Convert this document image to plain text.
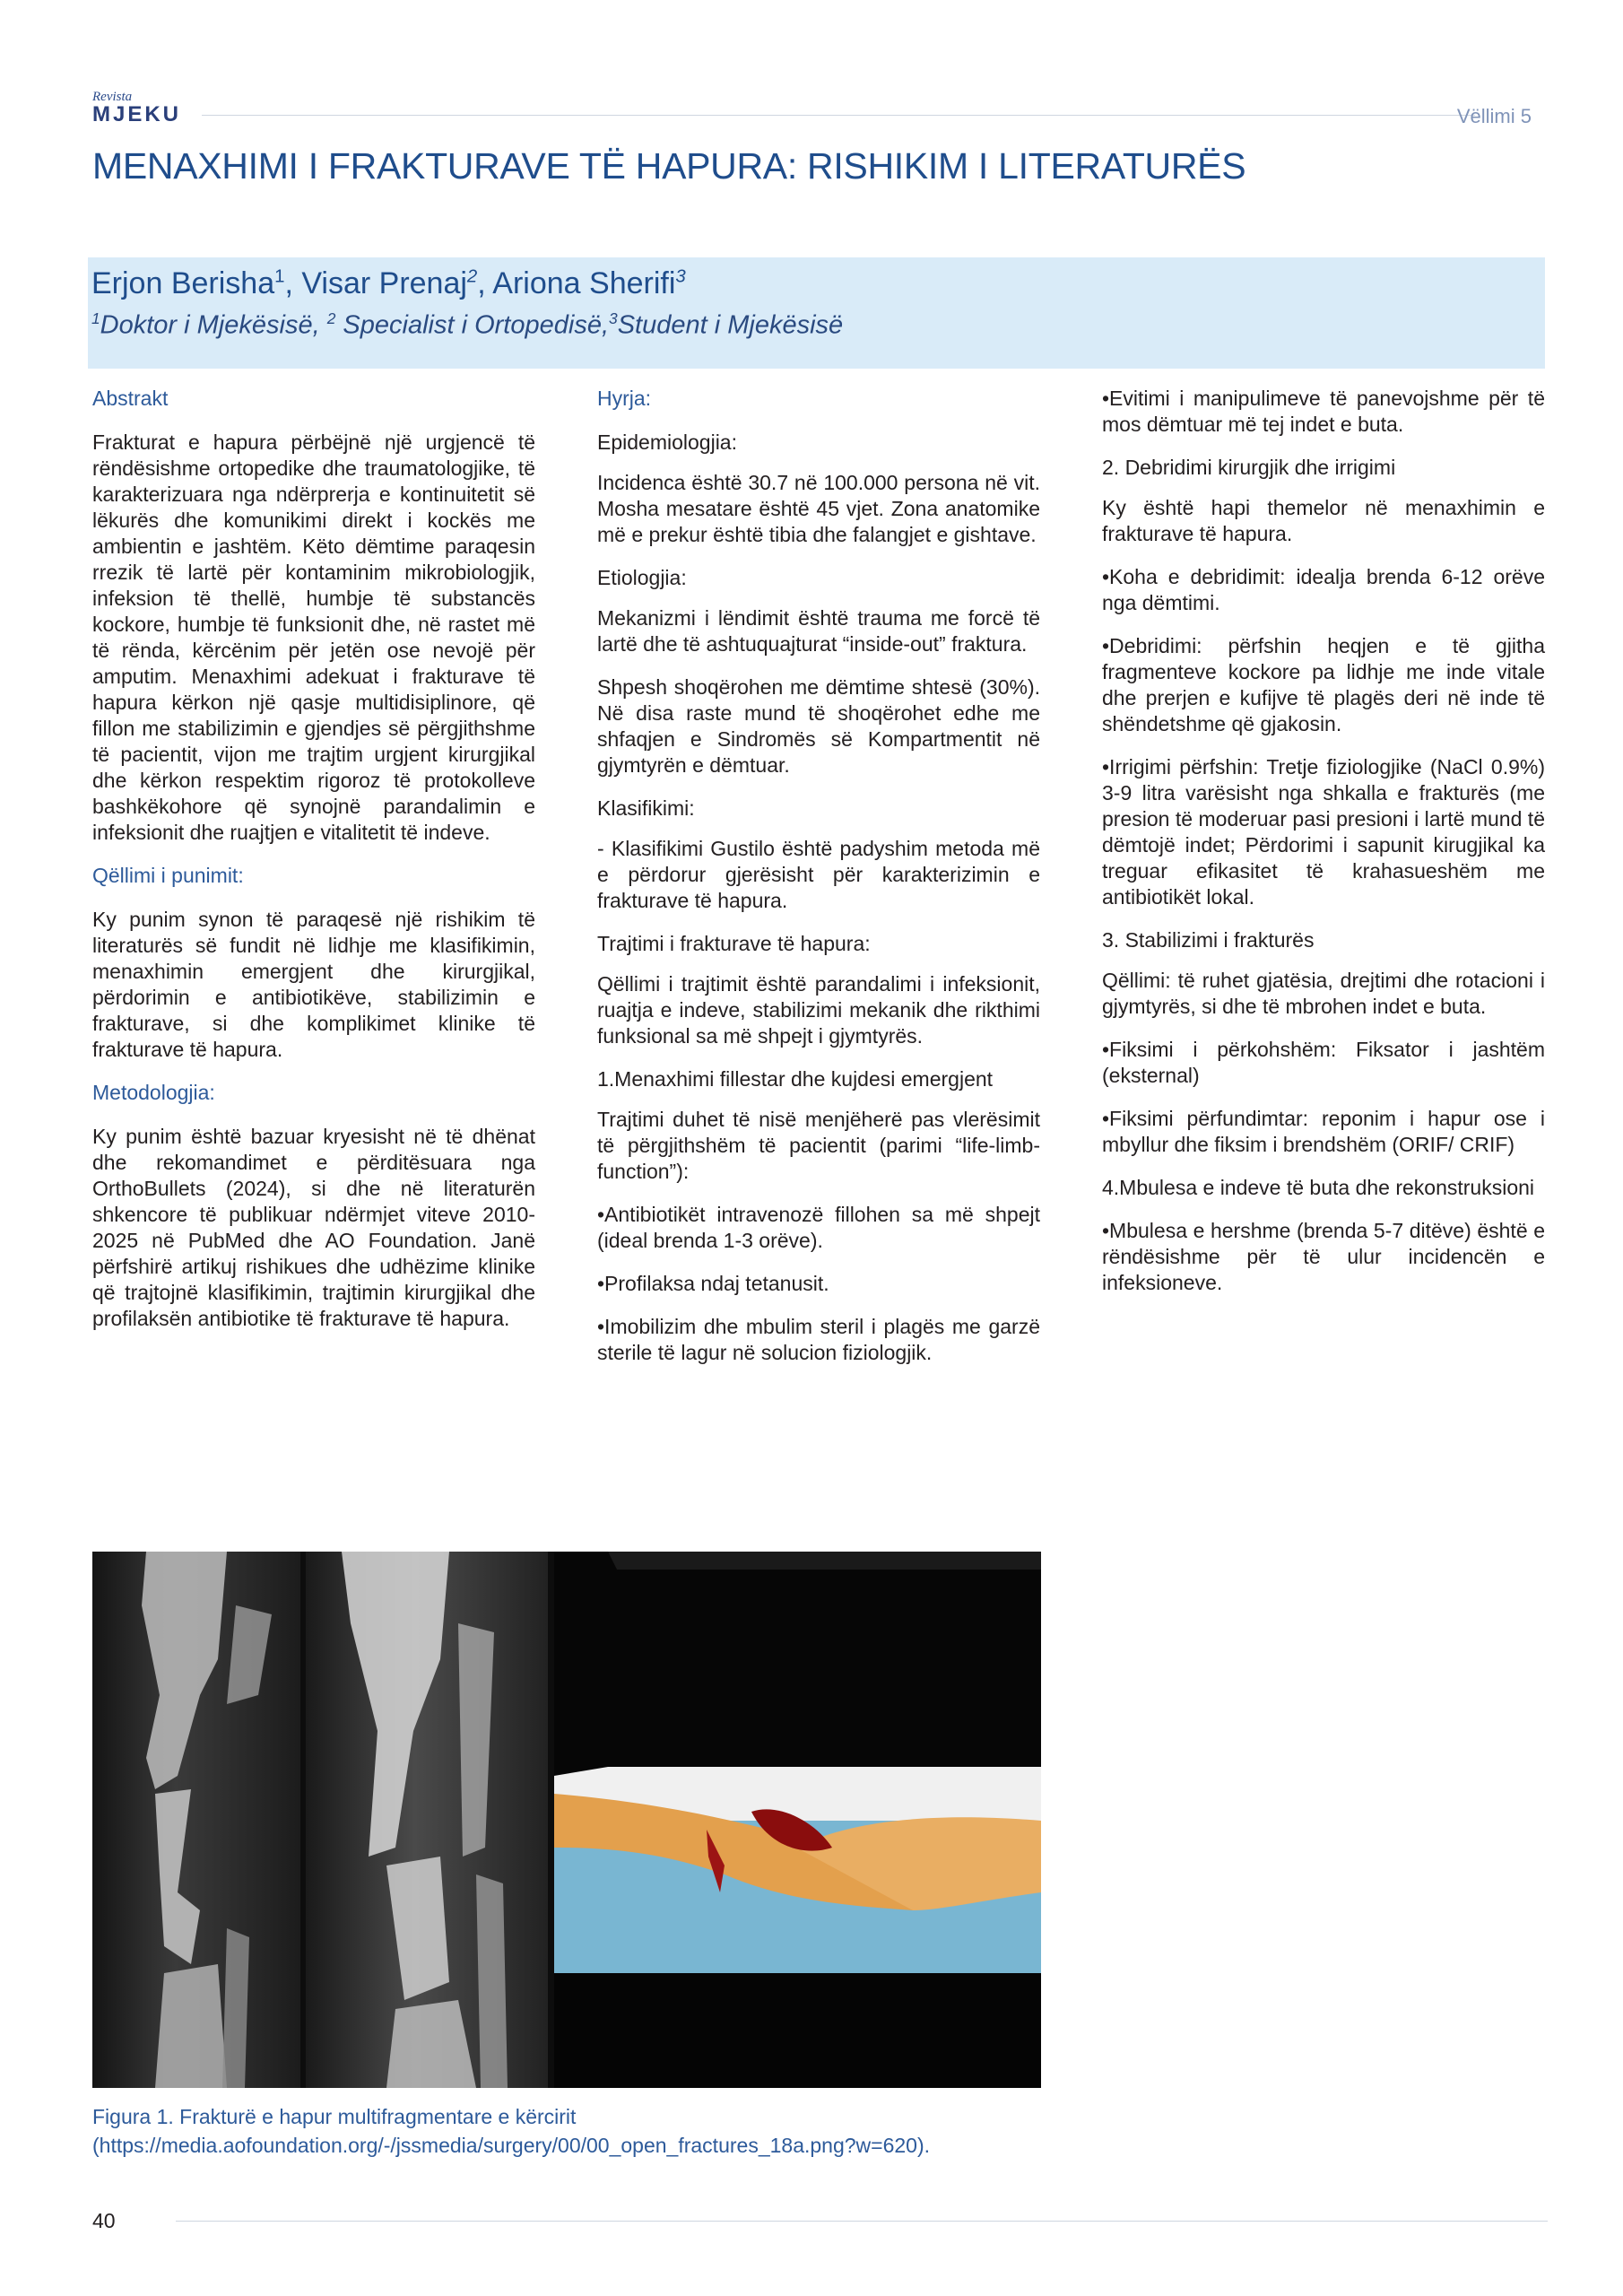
Revista
MJEKU	Vëllimi 5
MENAXHIMI I FRAKTURAVE TË HAPURA: RISHIKIM I LITERATURËS
Erjon Berisha$^1$, Visar Prenaj$^2$, Ariona Sherifi$^3$
$^1$Doktor i Mjekësisë, $^2$ Specialist i Ortopedisë,$^3$Student i Mjekësisë

Abstrakt

Frakturat e hapura përbëjnë një urgjencë të rëndësishme ortopedike dhe traumatologjike, të karakterizuara nga ndërprerja e kontinuitetit së lëkurës dhe komunikimi direkt i kockës me ambientin e jashtëm. Këto dëmtime paraqesin rrezik të lartë për kontaminim mikrobiologjik, infeksion të thellë, humbje të substancës kockore, humbje të funksionit dhe, në rastet më të rënda, kërcënim për jetën ose nevojë për amputim. Menaxhimi adekuat i frakturave të hapura kërkon një qasje multidisiplinore, që fillon me stabilizimin e gjendjes së përgjithshme të pacientit, vijon me trajtim urgjent kirurgjikal dhe kërkon respektim rigoroz të protokolleve bashkëkohore që synojnë parandalimin e infeksionit dhe ruajtjen e vitalitetit të indeve.

Qëllimi i punimit:

Ky punim synon të paraqesë një rishikim të literaturës së fundit në lidhje me klasifikimin, menaxhimin emergjent dhe kirurgjikal, përdorimin e antibiotikëve, stabilizimin e frakturave, si dhe komplikimet klinike të frakturave të hapura.

Metodologjia:

Ky punim është bazuar kryesisht në të dhënat dhe rekomandimet e përditësuara nga OrthoBullets (2024), si dhe në literaturën shkencore të publikuar ndërmjet viteve 2010-2025 në PubMed dhe AO Foundation. Janë përfshirë artikuj rishikues dhe udhëzime klinike që trajtojnë klasifikimin, trajtimin kirurgjikal dhe profilaksën antibiotike të frakturave të hapura.

Hyrja:

Epidemiologjia:

Incidenca është 30.7 në 100.000 persona në vit. Mosha mesatare është 45 vjet. Zona anatomike më e prekur është tibia dhe falangjet e gishtave.

Etiologjia:

Mekanizmi i lëndimit është trauma me forcë të lartë dhe të ashtuquajturat “inside-out” fraktura.

Shpesh shoqërohen me dëmtime shtesë (30%). Në disa raste mund të shoqërohet edhe me shfaqjen e Sindromës së Kompartmentit në gjymtyrën e dëmtuar.

Klasifikimi:

- Klasifikimi Gustilo është padyshim metoda më e përdorur gjerësisht për karakterizimin e frakturave të hapura.

Trajtimi i frakturave të hapura:

Qëllimi i trajtimit është parandalimi i infeksionit, ruajtja e indeve, stabilizimi mekanik dhe rikthimi funksional sa më shpejt i gjymtyrës.

1.Menaxhimi fillestar dhe kujdesi emergjent

Trajtimi duhet të nisë menjëherë pas vlerësimit të përgjithshëm të pacientit (parimi “life-limb-function”):

•Antibiotikët intravenozë fillohen sa më shpejt (ideal brenda 1-3 orëve).

•Profilaksa ndaj tetanusit.

•Imobilizim dhe mbulim steril i plagës me garzë sterile të lagur në solucion fiziologjik.

•Evitimi i manipulimeve të panevojshme për të mos dëmtuar më tej indet e buta.

2. Debridimi kirurgjik dhe irrigimi

Ky është hapi themelor në menaxhimin e frakturave të hapura.

•Koha e debridimit: idealja brenda 6-12 orëve nga dëmtimi.

•Debridimi: përfshin heqjen e të gjitha fragmenteve kockore pa lidhje me inde vitale dhe prerjen e kufijve të plagës deri në inde të shëndetshme që gjakosin.

•Irrigimi përfshin: Tretje fiziologjike (NaCl 0.9%) 3-9 litra varësisht nga shkalla e frakturës (me presion të moderuar pasi presioni i lartë mund të dëmtojë indet; Përdorimi i sapunit kirugjikal ka treguar efikasitet të krahasueshëm me antibiotikët lokal.

3. Stabilizimi i frakturës

Qëllimi: të ruhet gjatësia, drejtimi dhe rotacioni i gjymtyrës, si dhe të mbrohen indet e buta.

•Fiksimi i përkohshëm: Fiksator i jashtëm (eksternal)

•Fiksimi përfundimtar: reponim i hapur ose i mbyllur dhe fiksim i brendshëm (ORIF/ CRIF)

4.Mbulesa e indeve të buta dhe rekonstruksioni

•Mbulesa e hershme (brenda 5-7 ditëve) është e rëndësishme për të ulur incidencën e infeksioneve.

Figura 1. Frakturë e hapur multifragmentare e kërcirit (https://media.aofoundation.org/-/jssmedia/surgery/00/00_open_fractures_18a.png?w=620).
40
